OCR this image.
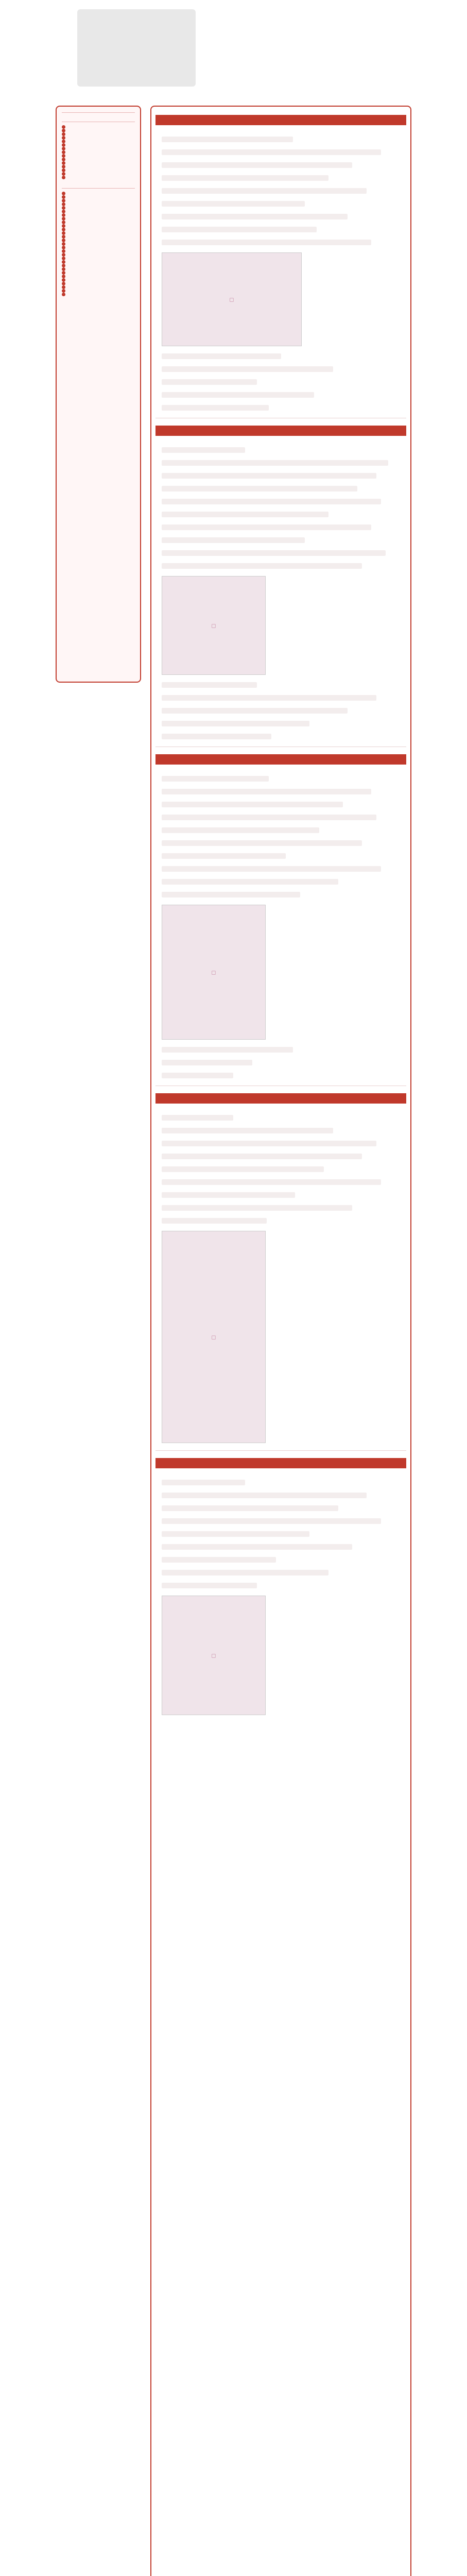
◻
◻
◻
◻
◻
